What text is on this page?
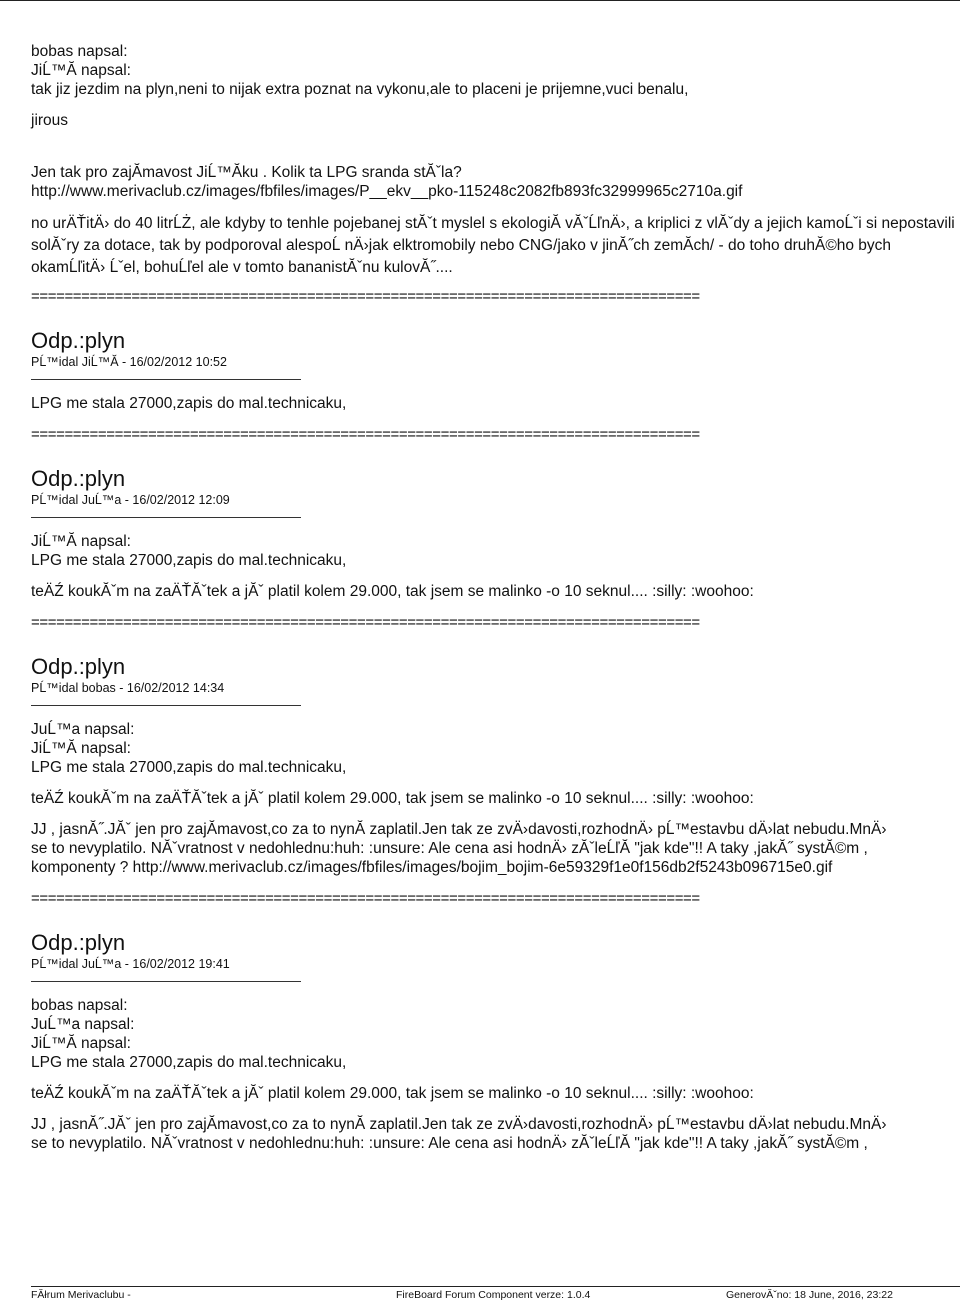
bobas napsal:
JiĹ™Ă napsal:
tak jiz jezdim na plyn,neni to nijak extra poznat na vykonu,ale to placeni je prijemne,vuci benalu,
jirous
Jen tak pro zajĂmavost JiĹ™Ăku . Kolik ta LPG sranda stĂˇla?
http://www.merivaclub.cz/images/fbfiles/images/P__ekv__pko-115248c2082fb893fc32999965c2710a.gif
no urÄŤitÄ› do 40 litrĹŻ, ale kdyby to tenhle pojebanej stĂˇt myslel s ekologiĂ vĂˇĹľnÄ›, a kriplici z vlĂˇdy a jejich kamoĹˇi si nepostavili solĂˇry za dotace, tak by podporoval alespoĹ nÄ›jak elktromobily nebo CNG/jako v jinĂ˝ch zemĂch/ - do toho druhĂ©ho bych okamĹľitÄ› Ĺˇel, bohuĹľel ale v tomto bananistĂˇnu kulovĂ˝....
================================================================================
Odp.:plyn
PĹ™idal JiĹ™Ă - 16/02/2012 10:52
LPG me stala 27000,zapis do mal.technicaku,
================================================================================
Odp.:plyn
PĹ™idal JuĹ™a - 16/02/2012 12:09
JiĹ™Ă napsal:
LPG me stala 27000,zapis do mal.technicaku,
teÄŹ koukĂˇm na zaÄŤĂˇtek a jĂˇ platil kolem 29.000, tak jsem se malinko -o 10 seknul.... :silly: :woohoo:
================================================================================
Odp.:plyn
PĹ™idal bobas - 16/02/2012 14:34
JuĹ™a napsal:
JiĹ™Ă napsal:
LPG me stala 27000,zapis do mal.technicaku,
teÄŹ koukĂˇm na zaÄŤĂˇtek a jĂˇ platil kolem 29.000, tak jsem se malinko -o 10 seknul.... :silly: :woohoo:
JJ , jasnĂ˝.JĂˇ jen pro zajĂmavost,co za to nynĂ zaplatil.Jen tak ze zvÄ›davosti,rozhodnÄ› pĹ™estavbu dÄ›lat nebudu.MnÄ›
se to nevyplatilo. NĂˇvratnost v nedohlednu:huh: :unsure: Ale cena asi hodnÄ› zĂˇleĹľĂ "jak kde"!! A taky ,jakĂ˝ systĂ©m ,
komponenty ? http://www.merivaclub.cz/images/fbfiles/images/bojim_bojim-6e59329f1e0f156db2f5243b096715e0.gif
================================================================================
Odp.:plyn
PĹ™idal JuĹ™a - 16/02/2012 19:41
bobas napsal:
JuĹ™a napsal:
JiĹ™Ă napsal:
LPG me stala 27000,zapis do mal.technicaku,
teÄŹ koukĂˇm na zaÄŤĂˇtek a jĂˇ platil kolem 29.000, tak jsem se malinko -o 10 seknul.... :silly: :woohoo:
JJ , jasnĂ˝.JĂˇ jen pro zajĂmavost,co za to nynĂ zaplatil.Jen tak ze zvÄ›davosti,rozhodnÄ› pĹ™estavbu dÄ›lat nebudu.MnÄ›
se to nevyplatilo. NĂˇvratnost v nedohlednu:huh: :unsure: Ale cena asi hodnÄ› zĂˇleĹľĂ "jak kde"!! A taky ,jakĂ˝ systĂ©m ,
FĂłrum Merivaclubu -	FireBoard Forum Component verze: 1.0.4	GenerovĂˇno: 18 June, 2016, 23:22
